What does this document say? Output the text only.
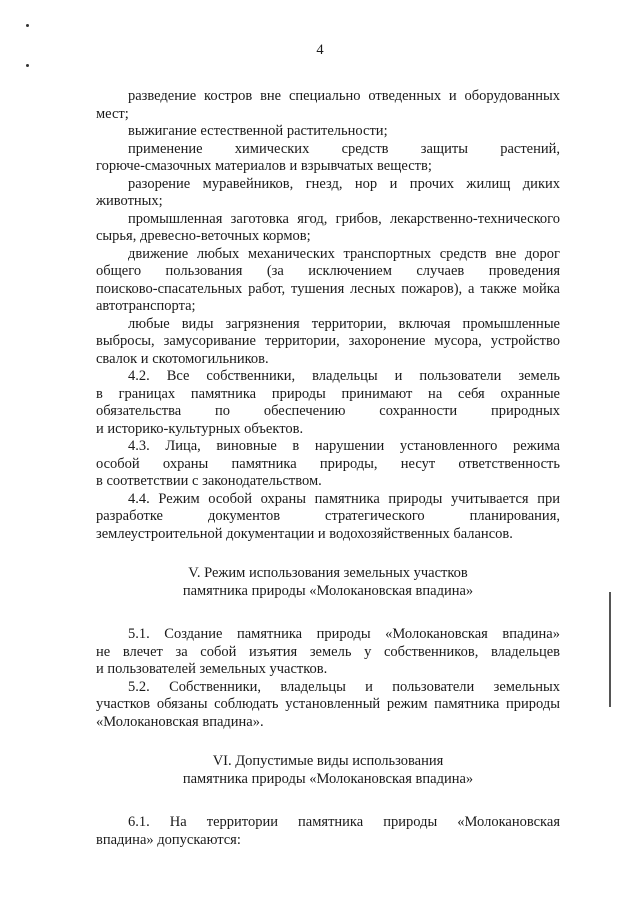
4
разведение костров вне специально отведенных и оборудованных
мест;
выжигание естественной растительности;
применение химических средств защиты растений,
горюче-смазочных материалов и взрывчатых веществ;
разорение муравейников, гнезд, нор и прочих жилищ диких
животных;
промышленная заготовка ягод, грибов, лекарственно-технического
сырья, древесно-веточных кормов;
движение любых механических транспортных средств вне дорог
общего пользования (за исключением случаев проведения
поисково-спасательных работ, тушения лесных пожаров), а также мойка
автотранспорта;
любые виды загрязнения территории, включая промышленные
выбросы, замусоривание территории, захоронение мусора, устройство
свалок и скотомогильников.
4.2. Все собственники, владельцы и пользователи земель
в границах памятника природы принимают на себя охранные
обязательства по обеспечению сохранности природных
и историко-культурных объектов.
4.3. Лица, виновные в нарушении установленного режима
особой охраны памятника природы, несут ответственность
в соответствии с законодательством.
4.4. Режим особой охраны памятника природы учитывается при
разработке документов стратегического планирования,
землеустроительной документации и водохозяйственных балансов.
V. Режим использования земельных участков
памятника природы «Молокановская впадина»
5.1. Создание памятника природы «Молокановская впадина»
не влечет за собой изъятия земель у собственников, владельцев
и пользователей земельных участков.
5.2. Собственники, владельцы и пользователи земельных
участков обязаны соблюдать установленный режим памятника природы
«Молокановская впадина».
VI. Допустимые виды использования
памятника природы «Молокановская впадина»
6.1. На территории памятника природы «Молокановская
впадина» допускаются:
